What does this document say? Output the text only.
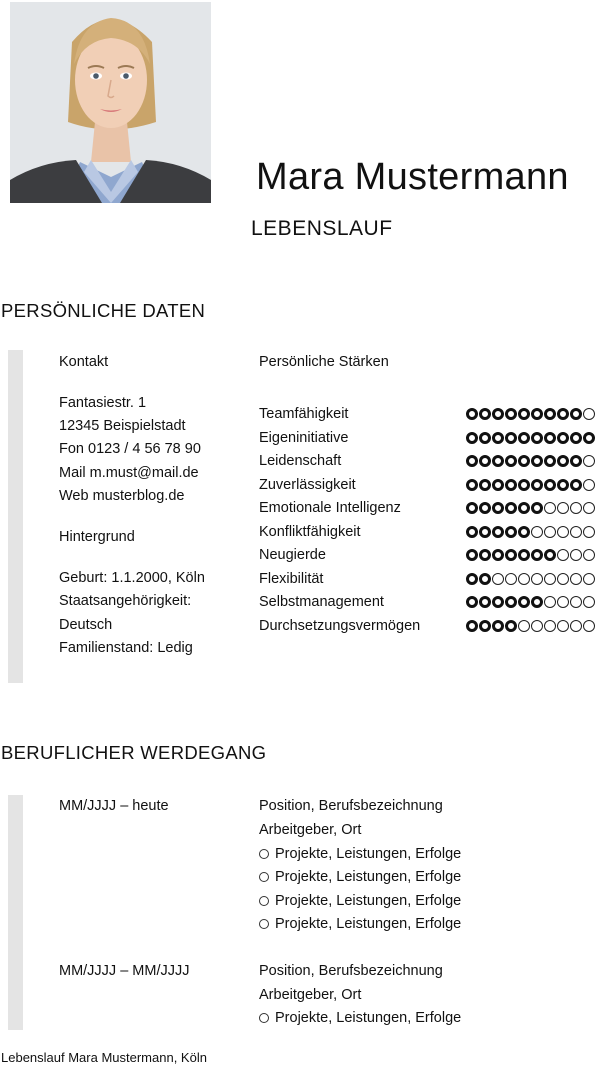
Mara Mustermann
LEBENSLAUF
PERSÖNLICHE DATEN
Kontakt
Fantasiestr. 1
12345 Beispielstadt
Fon 0123 / 4 56 78 90
Mail m.must@mail.de
Web musterblog.de
Hintergrund
Geburt: 1.1.2000, Köln
Staatsangehörigkeit:
Deutsch
Familienstand: Ledig
Persönliche Stärken
Teamfähigkeit
Eigeninitiative
Leidenschaft
Zuverlässigkeit
Emotionale Intelligenz
Konfliktfähigkeit
Neugierde
Flexibilität
Selbstmanagement
Durchsetzungsvermögen
BERUFLICHER WERDEGANG
MM/JJJJ – heute	Position, Berufsbezeichnung
Arbeitgeber, Ort
Projekte, Leistungen, Erfolge
Projekte, Leistungen, Erfolge
Projekte, Leistungen, Erfolge
Projekte, Leistungen, Erfolge
MM/JJJJ – MM/JJJJ	Position, Berufsbezeichnung
Arbeitgeber, Ort
Projekte, Leistungen, Erfolge
Lebenslauf Mara Mustermann, Köln
